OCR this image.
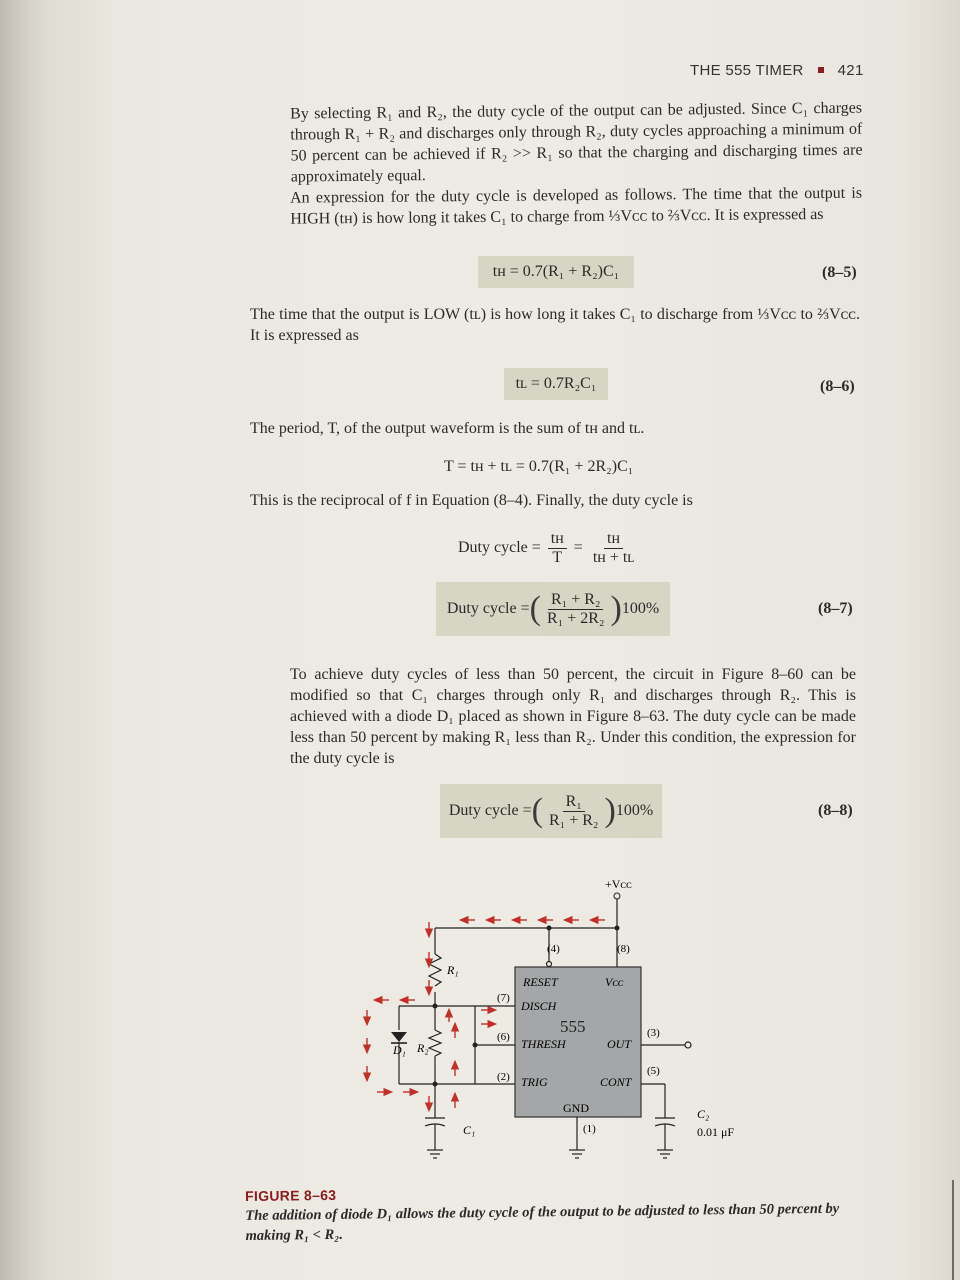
THE 555 TIMER 421
By selecting R₁ and R₂, the duty cycle of the output can be adjusted. Since C₁ charges through R₁ + R₂ and discharges only through R₂, duty cycles approaching a minimum of 50 percent can be achieved if R₂ >> R₁ so that the charging and discharging times are approximately equal.
An expression for the duty cycle is developed as follows. The time that the output is HIGH (tʜ) is how long it takes C₁ to charge from ⅓Vᴄᴄ to ⅔Vᴄᴄ. It is expressed as
tʜ = 0.7(R₁ + R₂)C₁	(8–5)
The time that the output is LOW (tʟ) is how long it takes C₁ to discharge from ⅓Vᴄᴄ to ⅔Vᴄᴄ. It is expressed as
tʟ = 0.7R₂C₁	(8–6)
The period, T, of the output waveform is the sum of tʜ and tʟ.
T = tʜ + tʟ = 0.7(R₁ + 2R₂)C₁
This is the reciprocal of f in Equation (8–4). Finally, the duty cycle is
Duty cycle = $\frac{\text{tʜ}}{T} = \frac{\text{tʜ}}{\text{tʜ + tʟ}}$
Duty cycle = ( $\frac{\text{R₁ + R₂}}{\text{R₁ + 2R₂}}$ ) 100%	(8–7)
To achieve duty cycles of less than 50 percent, the circuit in Figure 8–60 can be modified so that C₁ charges through only R₁ and discharges through R₂. This is achieved with a diode D₁ placed as shown in Figure 8–63. The duty cycle can be made less than 50 percent by making R₁ less than R₂. Under this condition, the expression for the duty cycle is
Duty cycle = ( $\frac{\text{R₁}}{\text{R₁ + R₂}}$ ) 100%	(8–8)
555
RESET
DISCH
THRESH
TRIG
Vᴄᴄ
OUT
CONT
GND
(4)	(8)
(7)
(6)
(2)
(3)
(5)
(1)
+Vᴄᴄ
R₁
R₂
D₁
C₁
C₂
0.01 μF
FIGURE 8–63
The addition of diode D₁ allows the duty cycle of the output to be adjusted to less than 50 percent by making R₁ < R₂.
